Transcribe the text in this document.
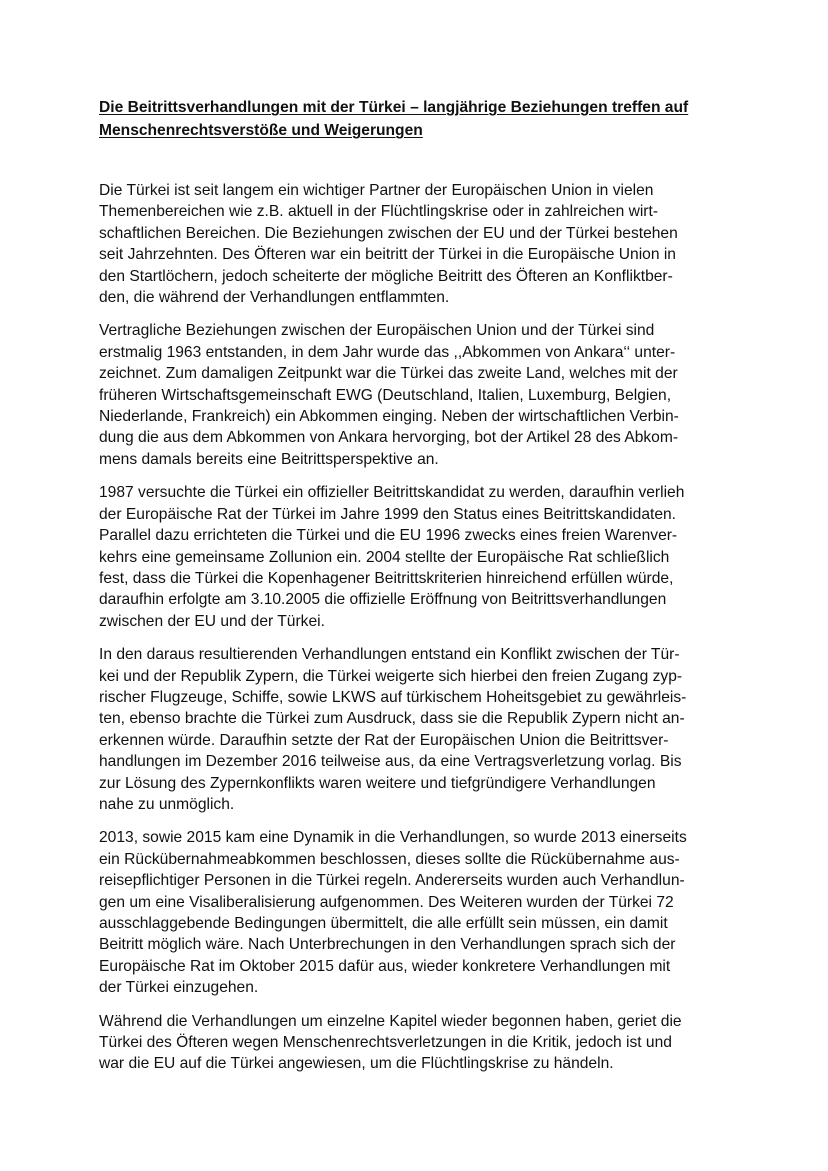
Die Beitrittsverhandlungen mit der Türkei – langjährige Beziehungen treffen auf
Menschenrechtsverstöße und Weigerungen

Die Türkei ist seit langem ein wichtiger Partner der Europäischen Union in vielen
Themenbereichen wie z.B. aktuell in der Flüchtlingskrise oder in zahlreichen wirt-
schaftlichen Bereichen. Die Beziehungen zwischen der EU und der Türkei bestehen
seit Jahrzehnten. Des Öfteren war ein beitritt der Türkei in die Europäische Union in
den Startlöchern, jedoch scheiterte der mögliche Beitritt des Öfteren an Konfliktber-
den, die während der Verhandlungen entflammten.

Vertragliche Beziehungen zwischen der Europäischen Union und der Türkei sind
erstmalig 1963 entstanden, in dem Jahr wurde das ,,Abkommen von Ankara‘‘ unter-
zeichnet. Zum damaligen Zeitpunkt war die Türkei das zweite Land, welches mit der
früheren Wirtschaftsgemeinschaft EWG (Deutschland, Italien, Luxemburg, Belgien,
Niederlande, Frankreich) ein Abkommen einging. Neben der wirtschaftlichen Verbin-
dung die aus dem Abkommen von Ankara hervorging, bot der Artikel 28 des Abkom-
mens damals bereits eine Beitrittsperspektive an.

1987 versuchte die Türkei ein offizieller Beitrittskandidat zu werden, daraufhin verlieh
der Europäische Rat der Türkei im Jahre 1999 den Status eines Beitrittskandidaten.
Parallel dazu errichteten die Türkei und die EU 1996 zwecks eines freien Warenver-
kehrs eine gemeinsame Zollunion ein. 2004 stellte der Europäische Rat schließlich
fest, dass die Türkei die Kopenhagener Beitrittskriterien hinreichend erfüllen würde,
daraufhin erfolgte am 3.10.2005 die offizielle Eröffnung von Beitrittsverhandlungen
zwischen der EU und der Türkei.

In den daraus resultierenden Verhandlungen entstand ein Konflikt zwischen der Tür-
kei und der Republik Zypern, die Türkei weigerte sich hierbei den freien Zugang zyp-
rischer Flugzeuge, Schiffe, sowie LKWS auf türkischem Hoheitsgebiet zu gewährleis-
ten, ebenso brachte die Türkei zum Ausdruck, dass sie die Republik Zypern nicht an-
erkennen würde. Daraufhin setzte der Rat der Europäischen Union die Beitrittsver-
handlungen im Dezember 2016 teilweise aus, da eine Vertragsverletzung vorlag. Bis
zur Lösung des Zypernkonflikts waren weitere und tiefgründigere Verhandlungen
nahe zu unmöglich.

2013, sowie 2015 kam eine Dynamik in die Verhandlungen, so wurde 2013 einerseits
ein Rückübernahmeabkommen beschlossen, dieses sollte die Rückübernahme aus-
reisepflichtiger Personen in die Türkei regeln. Andererseits wurden auch Verhandlun-
gen um eine Visaliberalisierung aufgenommen. Des Weiteren wurden der Türkei 72
ausschlaggebende Bedingungen übermittelt, die alle erfüllt sein müssen, ein damit
Beitritt möglich wäre. Nach Unterbrechungen in den Verhandlungen sprach sich der
Europäische Rat im Oktober 2015 dafür aus, wieder konkretere Verhandlungen mit
der Türkei einzugehen.

Während die Verhandlungen um einzelne Kapitel wieder begonnen haben, geriet die
Türkei des Öfteren wegen Menschenrechtsverletzungen in die Kritik, jedoch ist und
war die EU auf die Türkei angewiesen, um die Flüchtlingskrise zu händeln.
